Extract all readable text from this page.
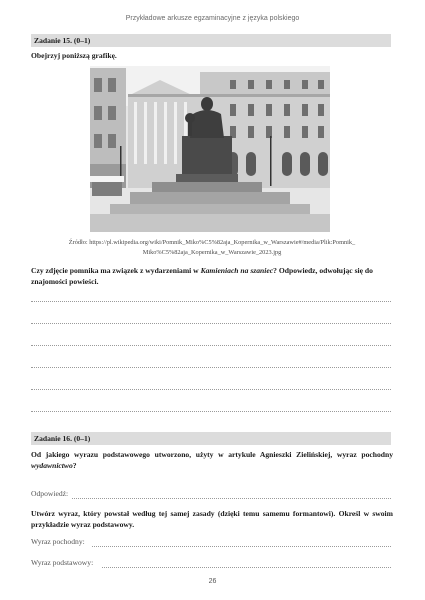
Przykładowe arkusze egzaminacyjne z języka polskiego
Zadanie 15. (0–1)
Obejrzyj poniższą grafikę.
Źródło: https://pl.wikipedia.org/wiki/Pomnik_Miko%C5%82aja_Kopernika_w_Warszawie#/media/Plik:Pomnik_
Miko%C5%82aja_Kopernika_w_Warszawie_2023.jpg
Czy zdjęcie pomnika ma związek z wydarzeniami w Kamieniach na szaniec? Odpowiedz, odwołując się do znajomości powieści.
Zadanie 16. (0–1)
Od jakiego wyrazu podstawowego utworzono, użyty w artykule Agnieszki Zielińskiej, wyraz pochodny wydawnictwo?
Odpowiedź:
Utwórz wyraz, który powstał według tej samej zasady (dzięki temu samemu formantowi). Określ w swoim przykładzie wyraz podstawowy.
Wyraz pochodny:
Wyraz podstawowy:
26
